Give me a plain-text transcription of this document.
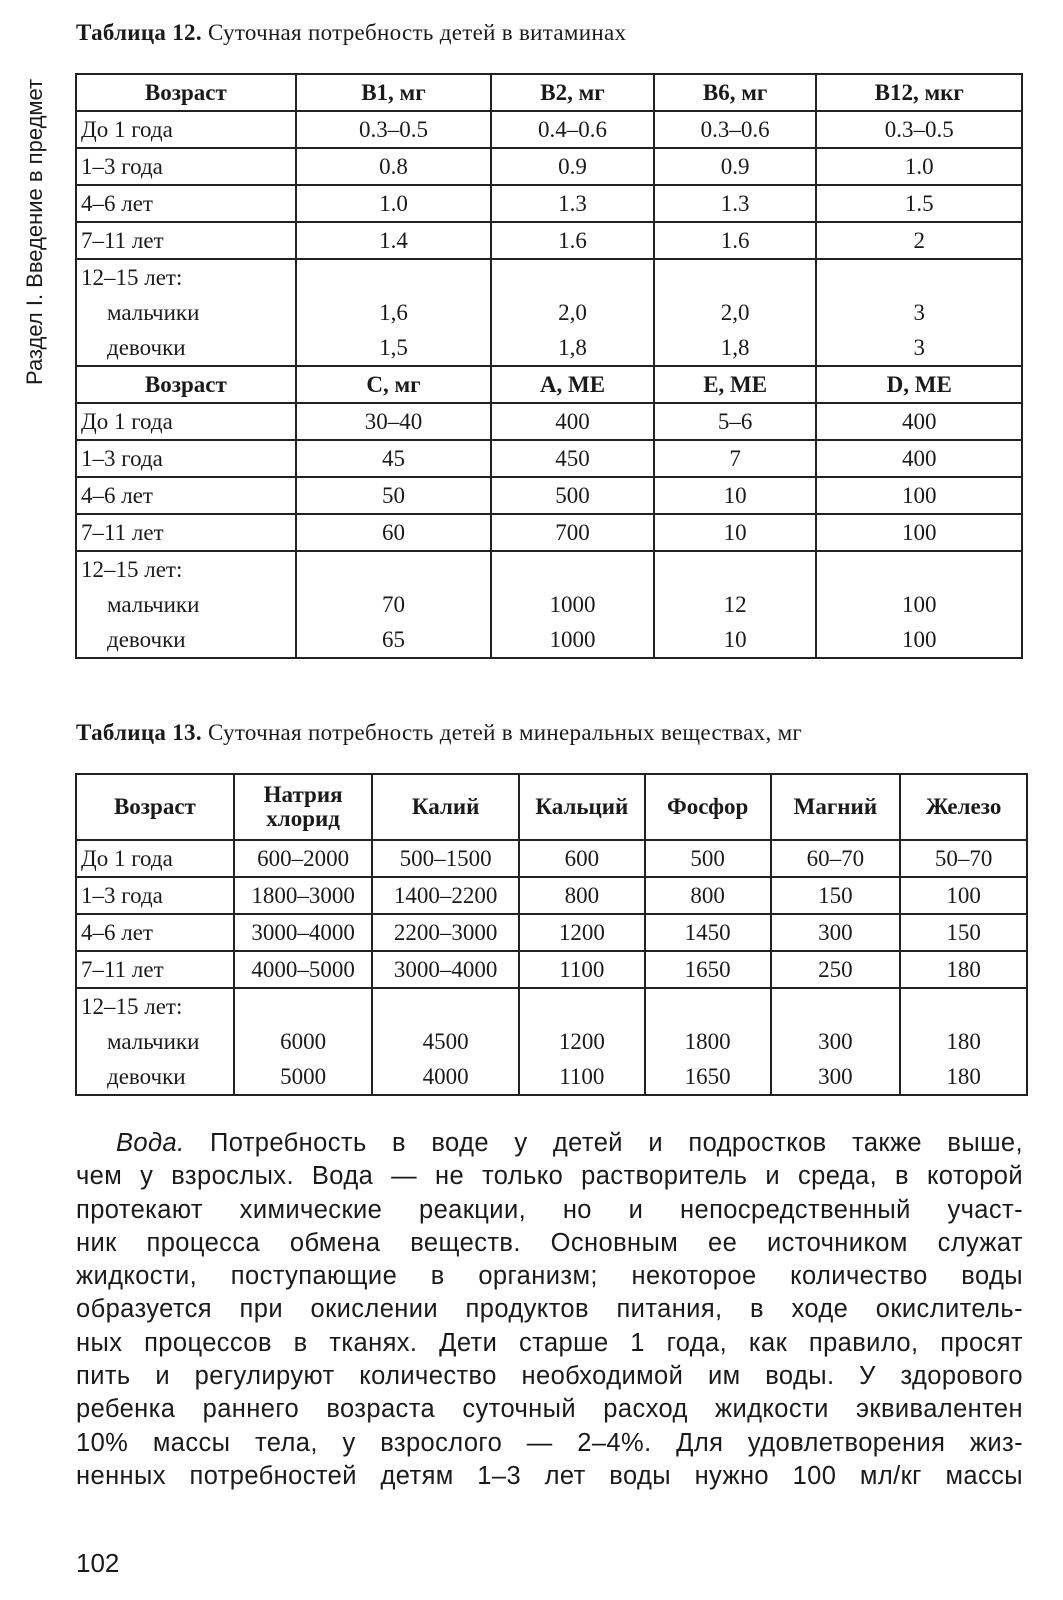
Раздел I. Введение в предмет
Таблица 12. Суточная потребность детей в витаминах
Возраст	B1, мг	B2, мг	B6, мг	B12, мкг
До 1 года	0.3–0.5	0.4–0.6	0.3–0.6	0.3–0.5
1–3 года	0.8	0.9	0.9	1.0
4–6 лет	1.0	1.3	1.3	1.5
7–11 лет	1.4	1.6	1.6	2
12–15 лет:				
мальчики	1,6	2,0	2,0	3
девочки	1,5	1,8	1,8	3
Возраст	C, мг	A, ME	E, ME	D, ME
До 1 года	30–40	400	5–6	400
1–3 года	45	450	7	400
4–6 лет	50	500	10	100
7–11 лет	60	700	10	100
12–15 лет:				
мальчики	70	1000	12	100
девочки	65	1000	10	100
Таблица 13. Суточная потребность детей в минеральных веществах, мг
Возраст	Натрия хлорид	Калий	Кальций	Фосфор	Магний	Железо
До 1 года	600–2000	500–1500	600	500	60–70	50–70
1–3 года	1800–3000	1400–2200	800	800	150	100
4–6 лет	3000–4000	2200–3000	1200	1450	300	150
7–11 лет	4000–5000	3000–4000	1100	1650	250	180
12–15 лет:						
мальчики	6000	4500	1200	1800	300	180
девочки	5000	4000	1100	1650	300	180
Вода. Потребность в воде у детей и подростков также выше,
чем у взрослых. Вода — не только растворитель и среда, в которой
протекают химические реакции, но и непосредственный участ-
ник процесса обмена веществ. Основным ее источником служат
жидкости, поступающие в организм; некоторое количество воды
образуется при окислении продуктов питания, в ходе окислитель-
ных процессов в тканях. Дети старше 1 года, как правило, просят
пить и регулируют количество необходимой им воды. У здорового
ребенка раннего возраста суточный расход жидкости эквивалентен
10% массы тела, у взрослого — 2–4%. Для удовлетворения жиз-
ненных потребностей детям 1–3 лет воды нужно 100 мл/кг массы
102
